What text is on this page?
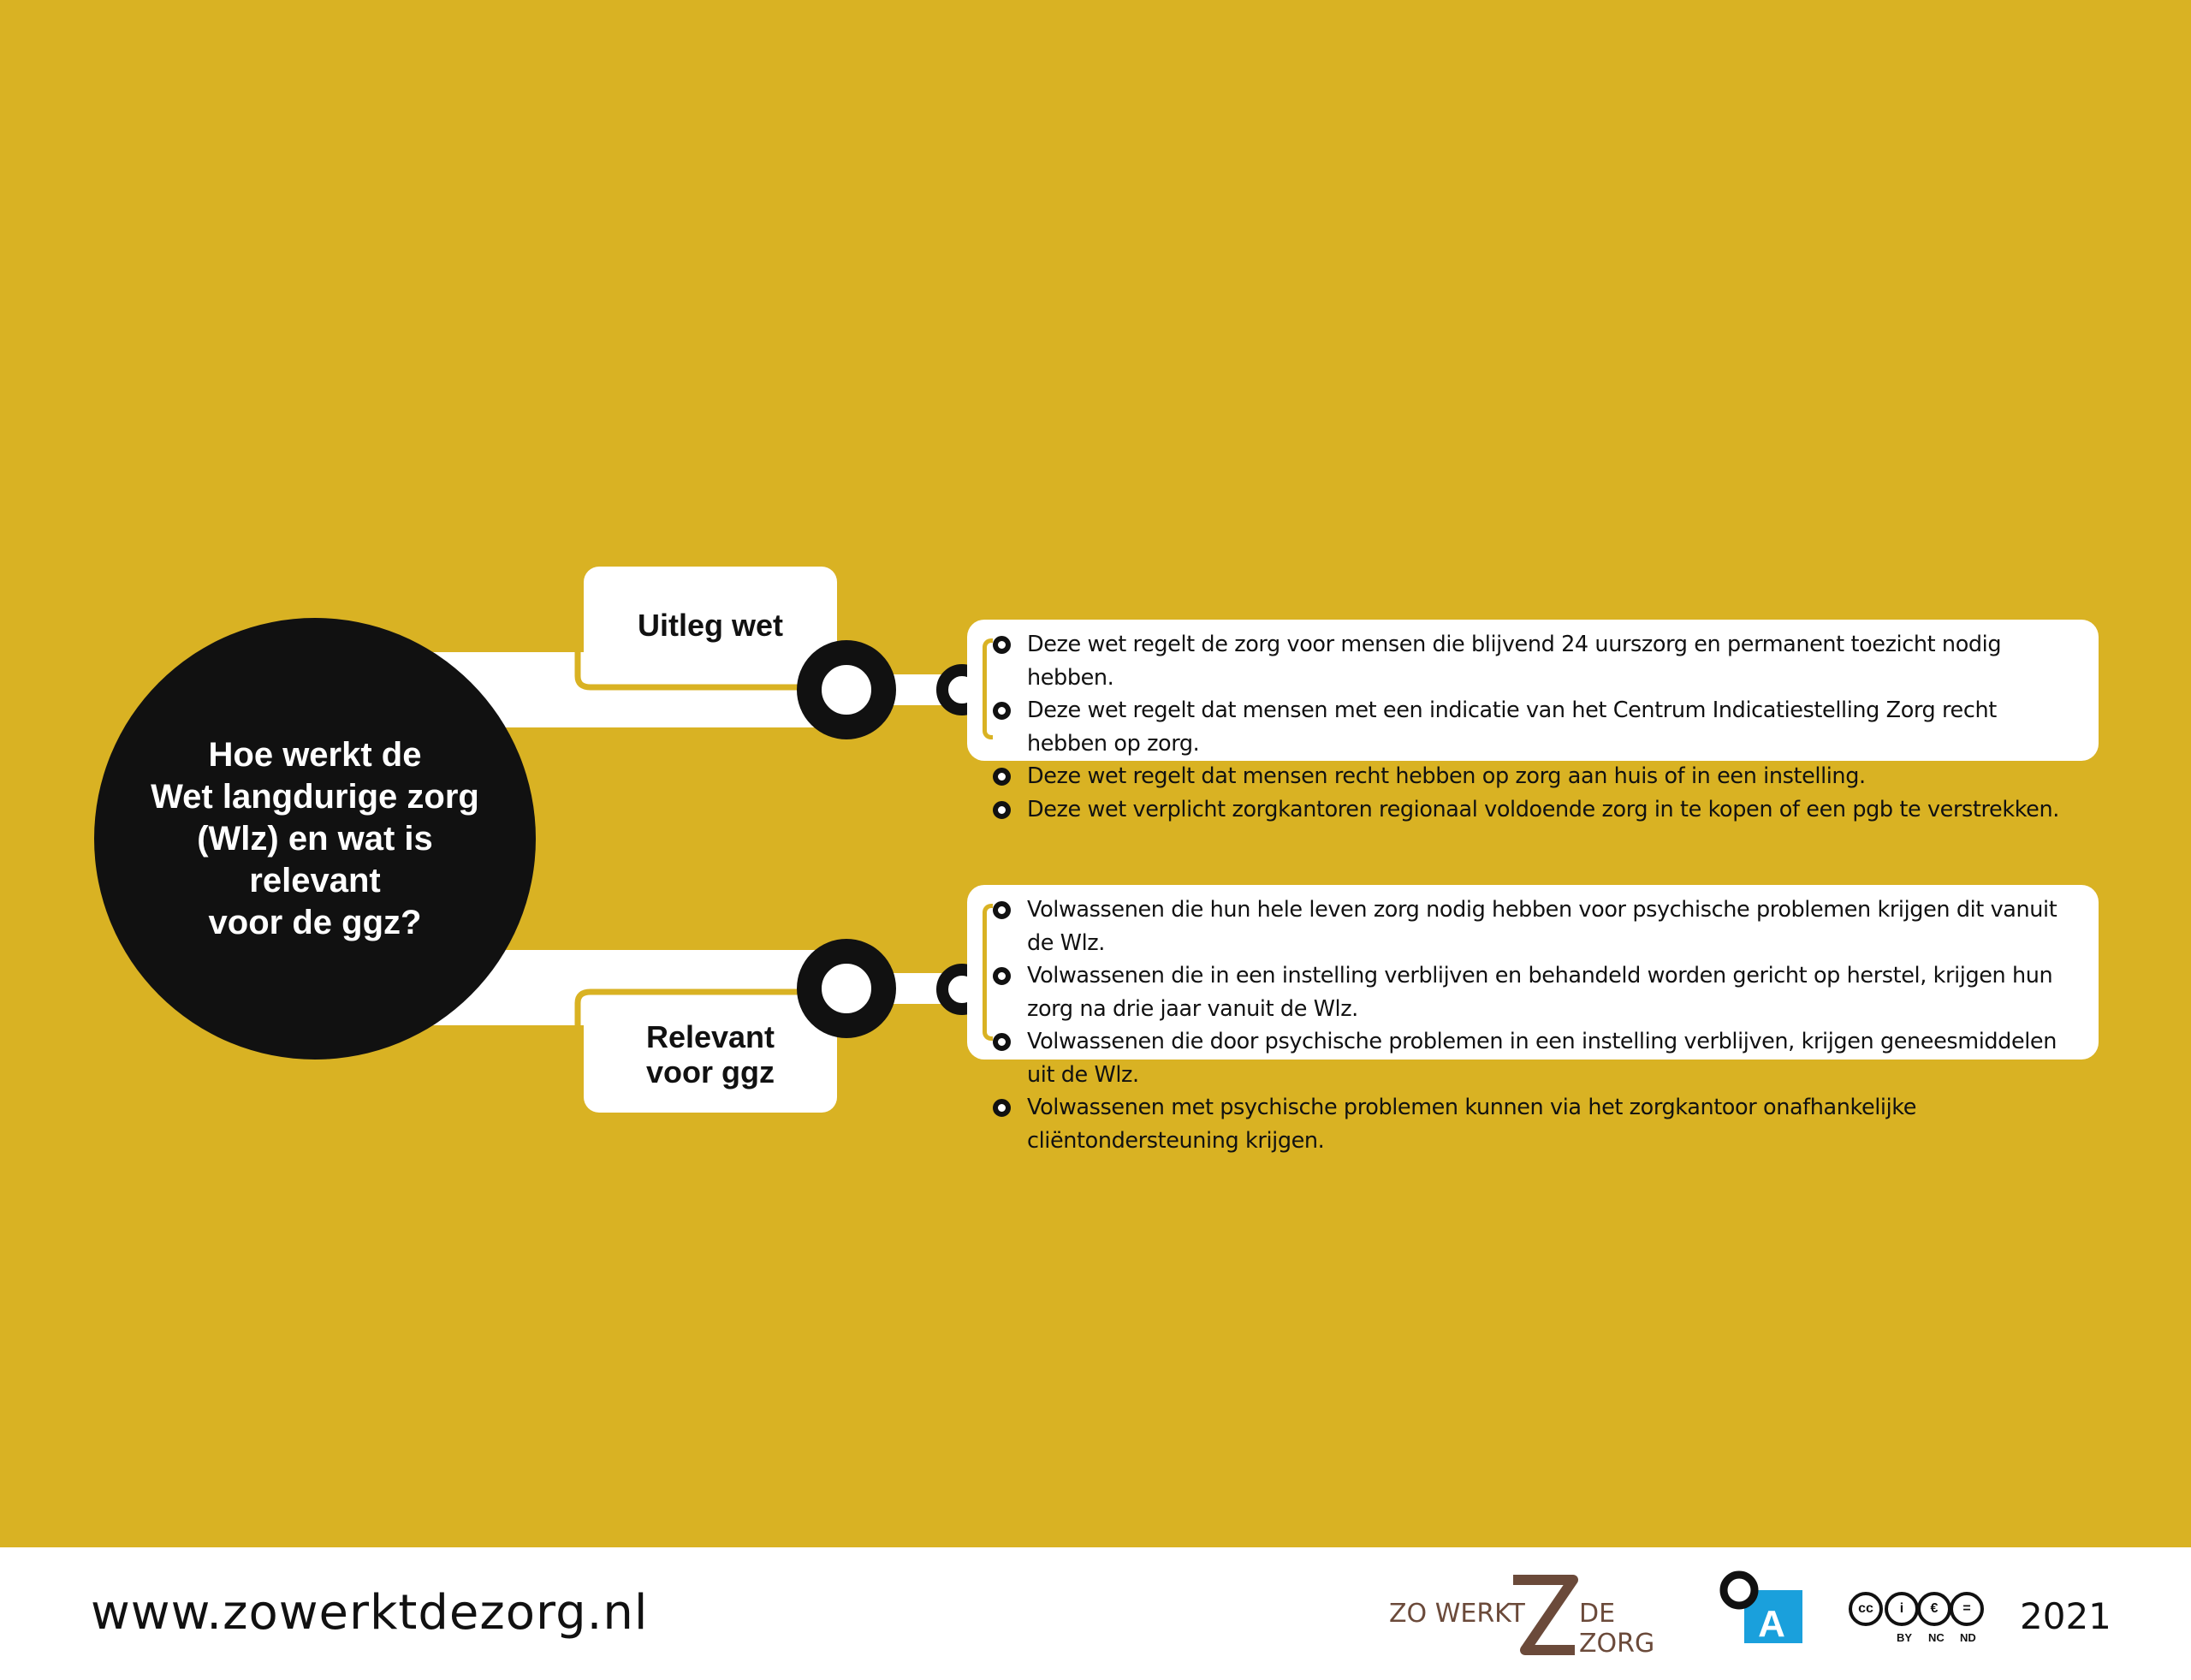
Hoe werkt de
Wet langdurige zorg
(Wlz) en wat is relevant
voor de ggz?
Uitleg wet
Relevant
voor ggz
Deze wet regelt de zorg voor mensen die blijvend 24 uurszorg en permanent toezicht nodig hebben.
Deze wet regelt dat mensen met een indicatie van het Centrum Indicatiestelling Zorg recht hebben op zorg.
Deze wet regelt dat mensen recht hebben op zorg aan huis of in een instelling.
Deze wet verplicht zorgkantoren regionaal voldoende zorg in te kopen of een pgb te verstrekken.
Volwassenen die hun hele leven zorg nodig hebben voor psychische problemen krijgen dit vanuit de Wlz.
Volwassenen die in een instelling verblijven en behandeld worden gericht op herstel, krijgen hun zorg na drie jaar vanuit de Wlz.
Volwassenen die door psychische problemen in een instelling verblijven, krijgen geneesmiddelen uit de Wlz.
Volwassenen met psychische problemen kunnen via het zorgkantoor onafhankelijke cliëntondersteuning krijgen.
www.zowerktdezorg.nl	ZO WERKT DE ZORG	A	cc	i	€	=
BY NC ND
2021
